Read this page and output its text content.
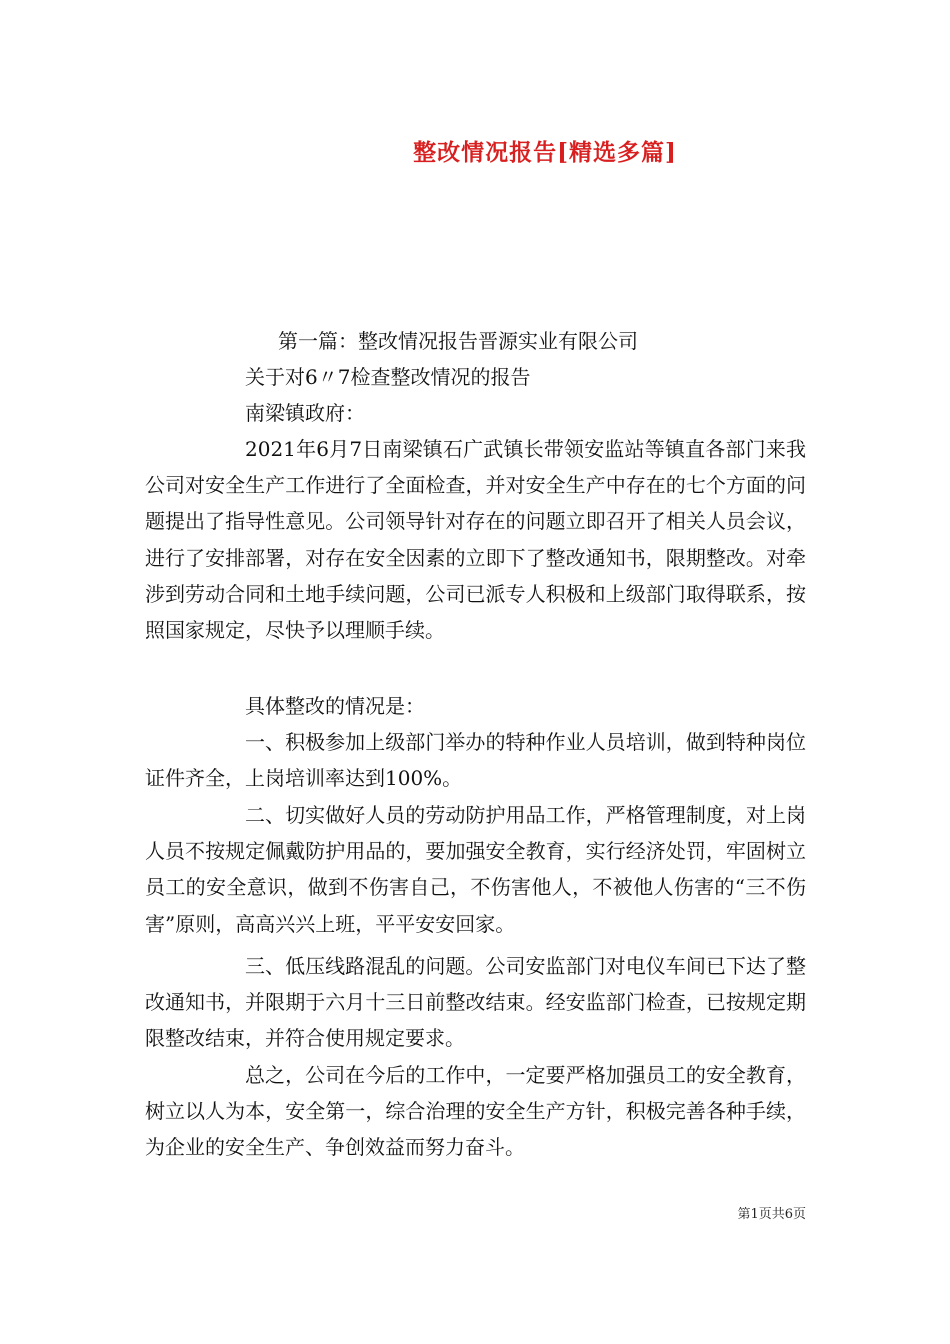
整改情况报告[精选多篇]
第一篇：整改情况报告晋源实业有限公司
关于对6〃7检查整改情况的报告
南梁镇政府：

2021年6月7日南梁镇石广武镇长带领安监站等镇直各部门来我公司对安全生产工作进行了全面检查，并对安全生产中存在的七个方面的问题提出了指导性意见。公司领导针对存在的问题立即召开了相关人员会议，进行了安排部署，对存在安全因素的立即下了整改通知书，限期整改。对牵涉到劳动合同和土地手续问题，公司已派专人积极和上级部门取得联系，按照国家规定，尽快予以理顺手续。

具体整改的情况是：

一、积极参加上级部门举办的特种作业人员培训，做到特种岗位证件齐全，上岗培训率达到100%。

二、切实做好人员的劳动防护用品工作，严格管理制度，对上岗人员不按规定佩戴防护用品的，要加强安全教育，实行经济处罚，牢固树立员工的安全意识，做到不伤害自己，不伤害他人，不被他人伤害的“三不伤害”原则，高高兴兴上班，平平安安回家。

三、低压线路混乱的问题。公司安监部门对电仪车间已下达了整改通知书，并限期于六月十三日前整改结束。经安监部门检查，已按规定期限整改结束，并符合使用规定要求。

总之，公司在今后的工作中，一定要严格加强员工的安全教育，树立以人为本，安全第一，综合治理的安全生产方针，积极完善各种手续，为企业的安全生产、争创效益而努力奋斗。

第1页共6页
